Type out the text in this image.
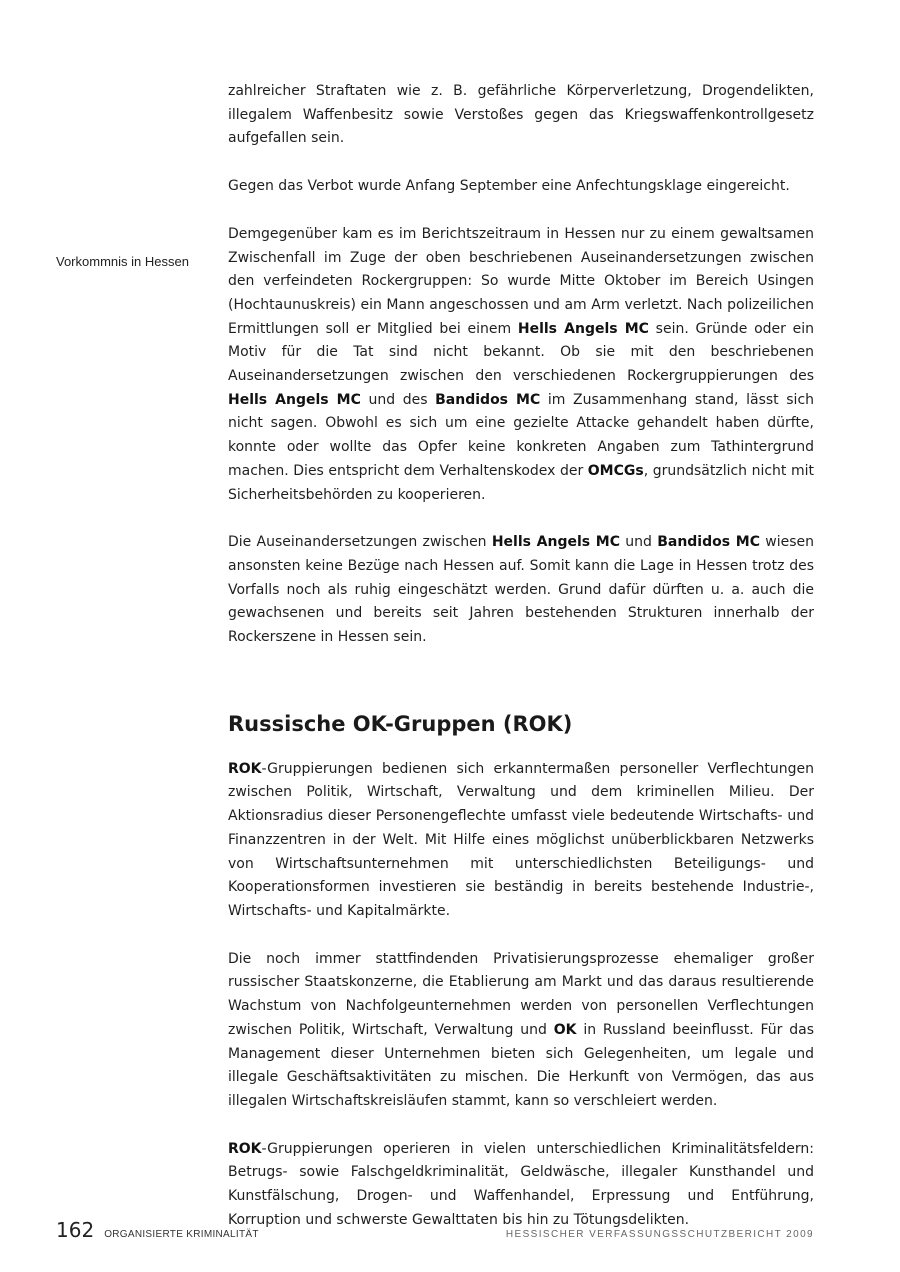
Vorkommnis in Hessen

zahlreicher Straftaten wie z. B. gefährliche Körperverletzung, Drogendelikten, illegalem Waffenbesitz sowie Verstoßes gegen das Kriegswaffenkontrollgesetz aufgefallen sein.

Gegen das Verbot wurde Anfang September eine Anfechtungsklage eingereicht.

Demgegenüber kam es im Berichtszeitraum in Hessen nur zu einem gewaltsamen Zwischenfall im Zuge der oben beschriebenen Auseinandersetzungen zwischen den verfeindeten Rockergruppen: So wurde Mitte Oktober im Bereich Usingen (Hochtaunuskreis) ein Mann angeschossen und am Arm verletzt. Nach polizeilichen Ermittlungen soll er Mitglied bei einem Hells Angels MC sein. Gründe oder ein Motiv für die Tat sind nicht bekannt. Ob sie mit den beschriebenen Auseinandersetzungen zwischen den verschiedenen Rockergruppierungen des Hells Angels MC und des Bandidos MC im Zusammenhang stand, lässt sich nicht sagen. Obwohl es sich um eine gezielte Attacke gehandelt haben dürfte, konnte oder wollte das Opfer keine konkreten Angaben zum Tathintergrund machen. Dies entspricht dem Verhaltenskodex der OMCGs, grundsätzlich nicht mit Sicherheitsbehörden zu kooperieren.

Die Auseinandersetzungen zwischen Hells Angels MC und Bandidos MC wiesen ansonsten keine Bezüge nach Hessen auf. Somit kann die Lage in Hessen trotz des Vorfalls noch als ruhig eingeschätzt werden. Grund dafür dürften u. a. auch die gewachsenen und bereits seit Jahren bestehenden Strukturen innerhalb der Rockerszene in Hessen sein.

Russische OK-Gruppen (ROK)

ROK-Gruppierungen bedienen sich erkanntermaßen personeller Verflechtungen zwischen Politik, Wirtschaft, Verwaltung und dem kriminellen Milieu. Der Aktionsradius dieser Personengeflechte umfasst viele bedeutende Wirtschafts- und Finanzzentren in der Welt. Mit Hilfe eines möglichst unüberblickbaren Netzwerks von Wirtschaftsunternehmen mit unterschiedlichsten Beteiligungs- und Kooperationsformen investieren sie beständig in bereits bestehende Industrie-, Wirtschafts- und Kapitalmärkte.

Die noch immer stattfindenden Privatisierungsprozesse ehemaliger großer russischer Staatskonzerne, die Etablierung am Markt und das daraus resultierende Wachstum von Nachfolgeunternehmen werden von personellen Verflechtungen zwischen Politik, Wirtschaft, Verwaltung und OK in Russland beeinflusst. Für das Management dieser Unternehmen bieten sich Gelegenheiten, um legale und illegale Geschäftsaktivitäten zu mischen. Die Herkunft von Vermögen, das aus illegalen Wirtschaftskreisläufen stammt, kann so verschleiert werden.

ROK-Gruppierungen operieren in vielen unterschiedlichen Kriminalitätsfeldern: Betrugs- sowie Falschgeldkriminalität, Geldwäsche, illegaler Kunsthandel und Kunstfälschung, Drogen- und Waffenhandel, Erpressung und Entführung, Korruption und schwerste Gewalttaten bis hin zu Tötungsdelikten.

162 ORGANISIERTE KRIMINALITÄT	HESSISCHER VERFASSUNGSSCHUTZBERICHT 2009
